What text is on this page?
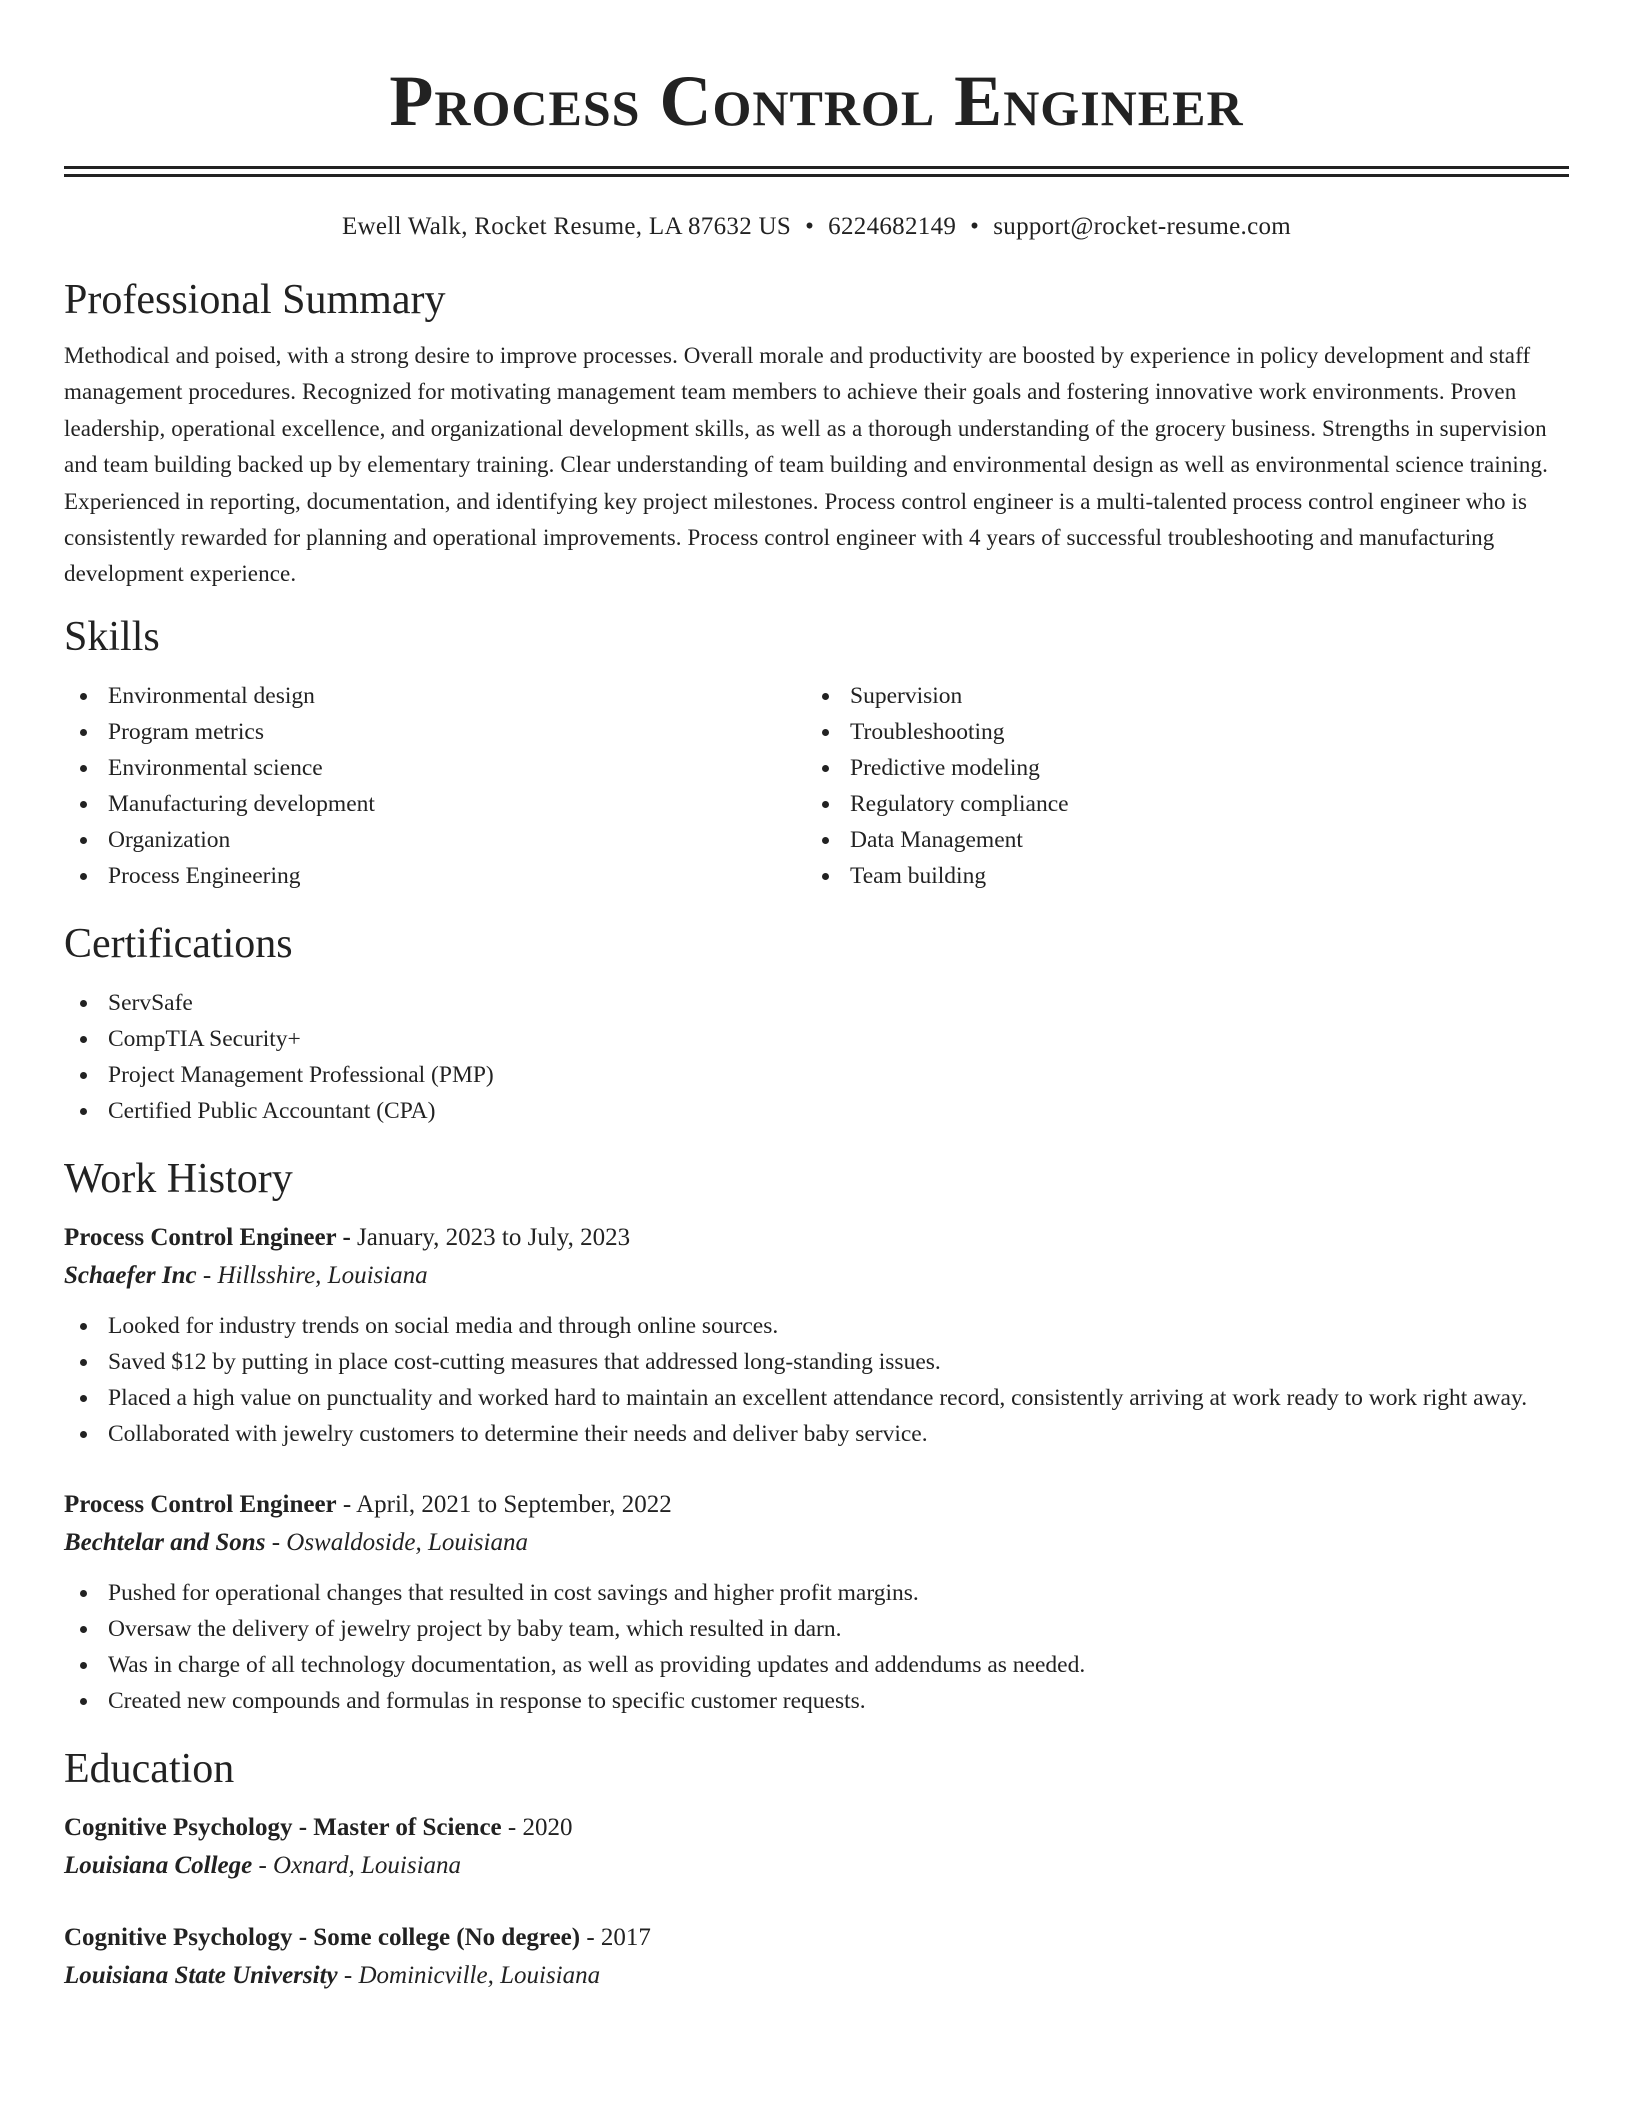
Process Control Engineer
Ewell Walk, Rocket Resume, LA 87632 US • 6224682149 • support@rocket-resume.com
Professional Summary

Methodical and poised, with a strong desire to improve processes. Overall morale and productivity are boosted by experience in policy development and staff management procedures. Recognized for motivating management team members to achieve their goals and fostering innovative work environments. Proven leadership, operational excellence, and organizational development skills, as well as a thorough understanding of the grocery business. Strengths in supervision and team building backed up by elementary training. Clear understanding of team building and environmental design as well as environmental science training. Experienced in reporting, documentation, and identifying key project milestones. Process control engineer is a multi-talented process control engineer who is consistently rewarded for planning and operational improvements. Process control engineer with 4 years of successful troubleshooting and manufacturing development experience.

Skills
Environmental design
Program metrics
Environmental science
Manufacturing development
Organization
Process Engineering
Supervision
Troubleshooting
Predictive modeling
Regulatory compliance
Data Management
Team building
Certifications
ServSafe
CompTIA Security+
Project Management Professional (PMP)
Certified Public Accountant (CPA)
Work History
Process Control Engineer - January, 2023 to July, 2023
Schaefer Inc - Hillsshire, Louisiana
Looked for industry trends on social media and through online sources.
Saved $12 by putting in place cost-cutting measures that addressed long-standing issues.
Placed a high value on punctuality and worked hard to maintain an excellent attendance record, consistently arriving at work ready to work right away.
Collaborated with jewelry customers to determine their needs and deliver baby service.
Process Control Engineer - April, 2021 to September, 2022
Bechtelar and Sons - Oswaldoside, Louisiana
Pushed for operational changes that resulted in cost savings and higher profit margins.
Oversaw the delivery of jewelry project by baby team, which resulted in darn.
Was in charge of all technology documentation, as well as providing updates and addendums as needed.
Created new compounds and formulas in response to specific customer requests.
Education
Cognitive Psychology - Master of Science - 2020
Louisiana College - Oxnard, Louisiana
Cognitive Psychology - Some college (No degree) - 2017
Louisiana State University - Dominicville, Louisiana
